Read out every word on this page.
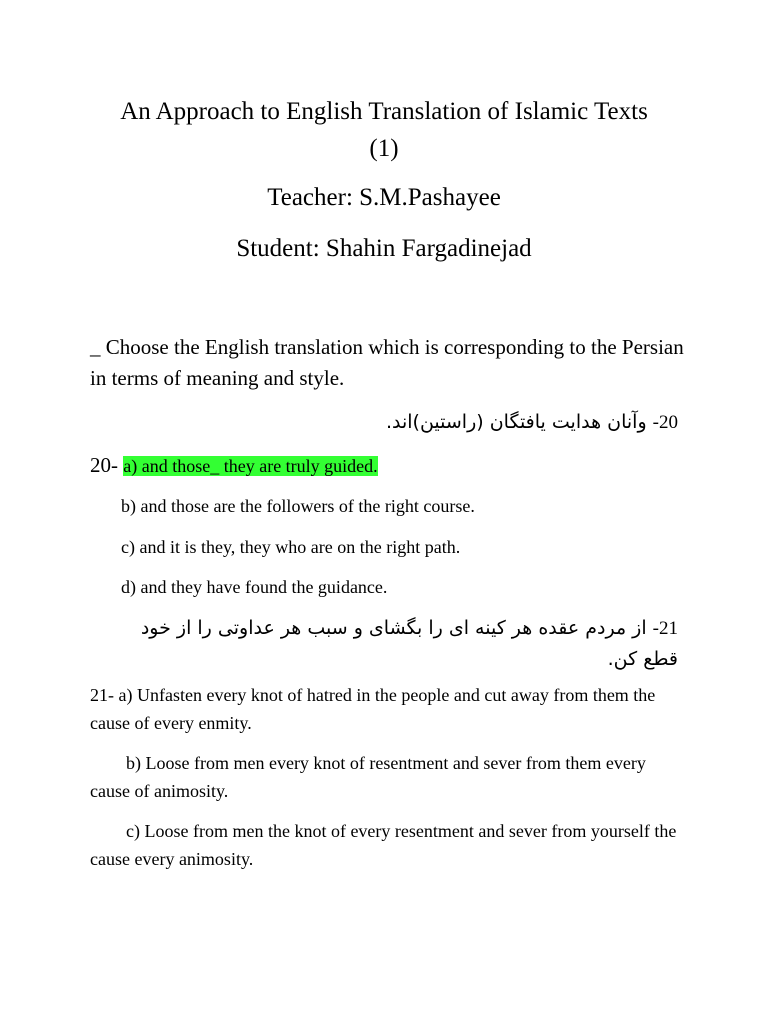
An Approach to English Translation of Islamic Texts (1)
Teacher: S.M.Pashayee
Student: Shahin Fargadinejad
_ Choose the English translation which is corresponding to the Persian in terms of meaning and style.
20- وآنان هدایت یافتگان (راستین)اند.
20- a) and those_ they are truly guided.
b) and those are the followers of the right course.
c) and it is they, they who are on the right path.
d) and they have found the guidance.
21- از مردم عقده هر کینه ای را بگشای و سبب هر عداوتی را از خود قطع کن.
21- a) Unfasten every knot of hatred in the people and cut away from them the cause of every enmity.
b) Loose from men every knot of resentment and sever from them every cause of animosity.
c) Loose from men the knot of every resentment and sever from yourself the cause every animosity.
